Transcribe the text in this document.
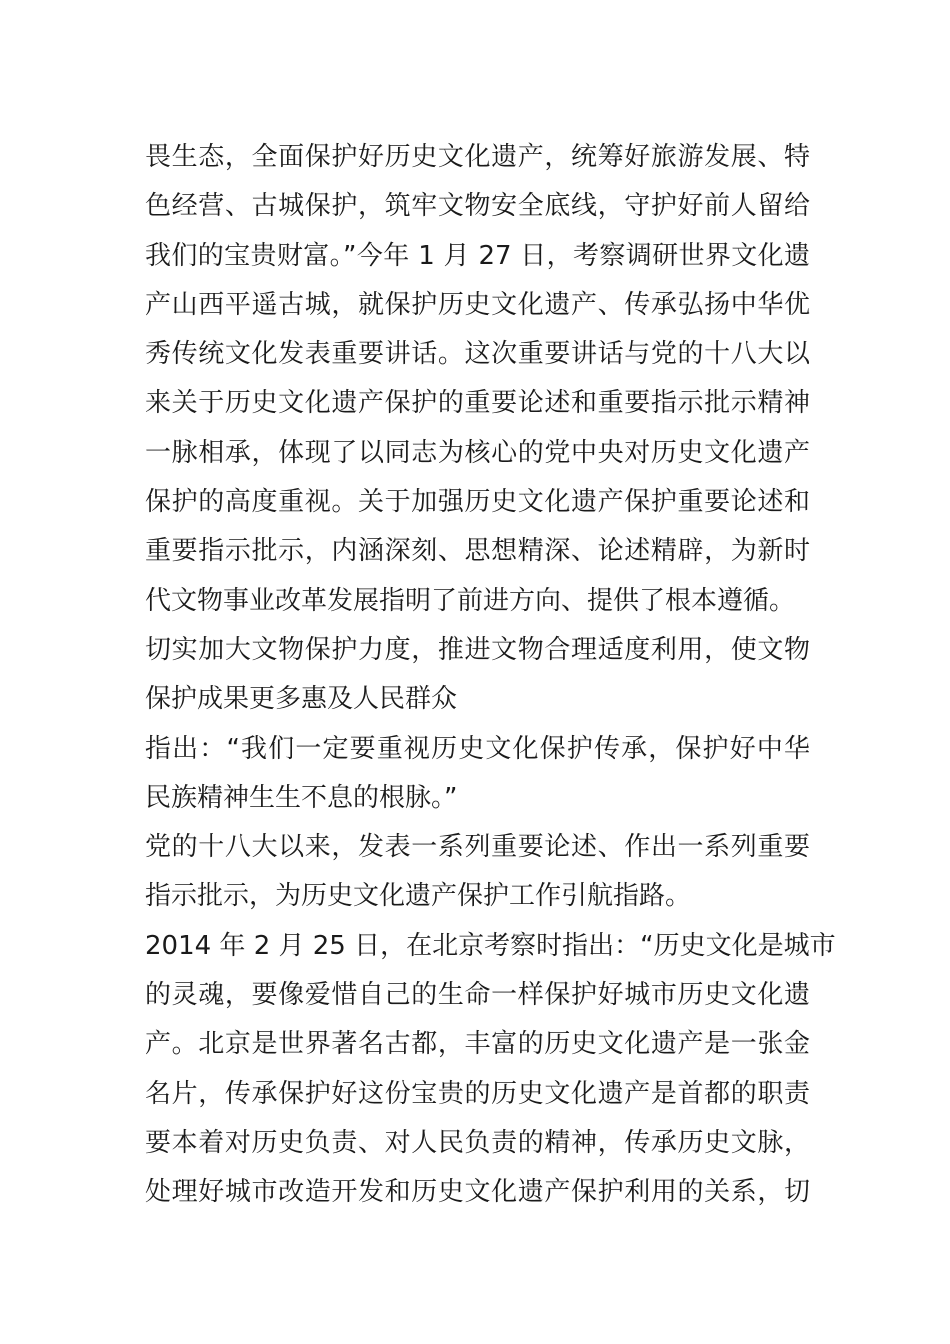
畏生态，全面保护好历史文化遗产，统筹好旅游发展、特
色经营、古城保护，筑牢文物安全底线，守护好前人留给
我们的宝贵财富。”今年 1 月 27 日，考察调研世界文化遗
产山西平遥古城，就保护历史文化遗产、传承弘扬中华优
秀传统文化发表重要讲话。这次重要讲话与党的十八大以
来关于历史文化遗产保护的重要论述和重要指示批示精神
一脉相承，体现了以同志为核心的党中央对历史文化遗产
保护的高度重视。关于加强历史文化遗产保护重要论述和
重要指示批示，内涵深刻、思想精深、论述精辟，为新时
代文物事业改革发展指明了前进方向、提供了根本遵循。
切实加大文物保护力度，推进文物合理适度利用，使文物
保护成果更多惠及人民群众
指出：“我们一定要重视历史文化保护传承，保护好中华
民族精神生生不息的根脉。”
党的十八大以来，发表一系列重要论述、作出一系列重要
指示批示，为历史文化遗产保护工作引航指路。
2014 年 2 月 25 日，在北京考察时指出：“历史文化是城市
的灵魂，要像爱惜自己的生命一样保护好城市历史文化遗
产。北京是世界著名古都，丰富的历史文化遗产是一张金
名片，传承保护好这份宝贵的历史文化遗产是首都的职责
要本着对历史负责、对人民负责的精神，传承历史文脉，
处理好城市改造开发和历史文化遗产保护利用的关系，切
